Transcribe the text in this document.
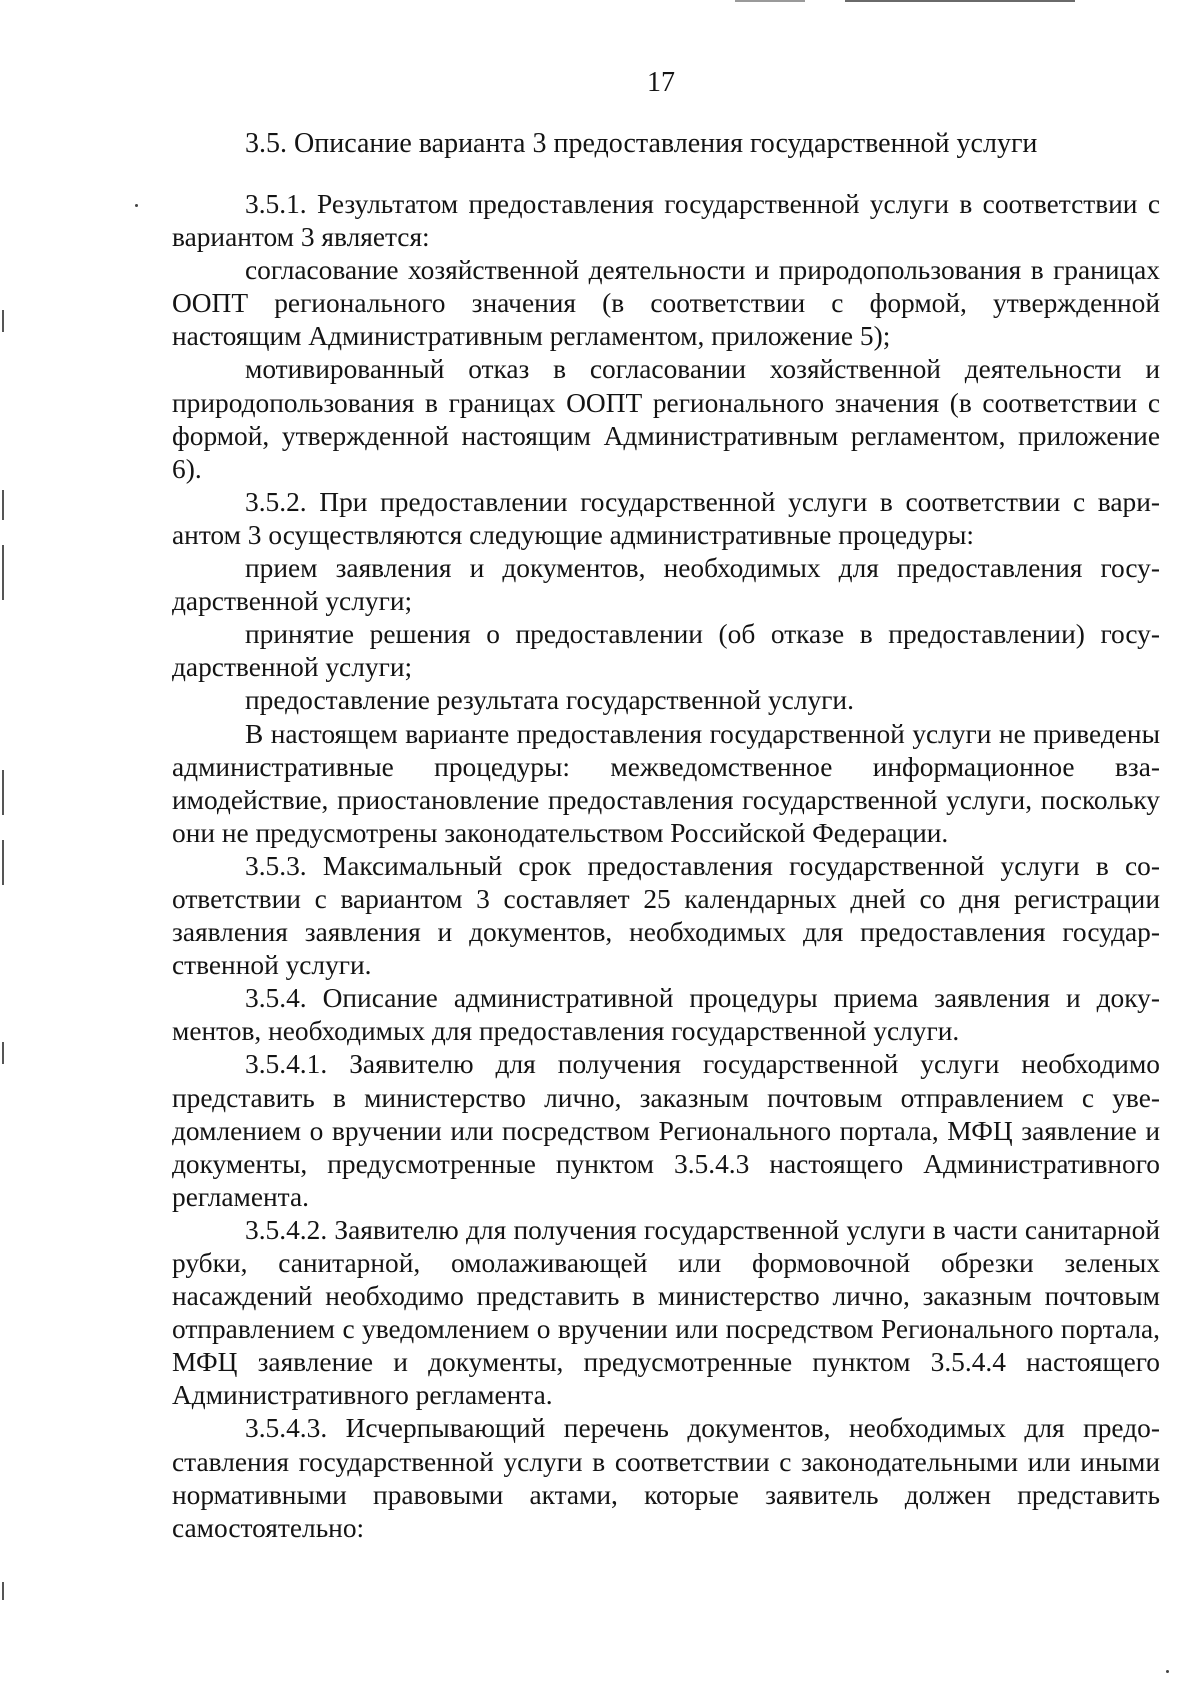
17
3.5. Описание варианта 3 предоставления государственной услуги

3.5.1. Результатом предоставления государственной услуги в соответствии с вариантом 3 является:

согласование хозяйственной деятельности и природопользования в границах ООПТ регионального значения (в соответствии с формой, утвержденной настоящим Административным регламентом, приложение 5);

мотивированный отказ в согласовании хозяйственной деятельности и природопользования в границах ООПТ регионального значения (в соответствии с формой, утвержденной настоящим Административным регламентом, приложение 6).

3.5.2. При предоставлении государственной услуги в соответствии с вариантом 3 осуществляются следующие административные процедуры:

прием заявления и документов, необходимых для предоставления государственной услуги;

принятие решения о предоставлении (об отказе в предоставлении) государственной услуги;

предоставление результата государственной услуги.

В настоящем варианте предоставления государственной услуги не приведены административные процедуры: межведомственное информационное взаимодействие, приостановление предоставления государственной услуги, поскольку они не предусмотрены законодательством Российской Федерации.

3.5.3. Максимальный срок предоставления государственной услуги в соответствии с вариантом 3 составляет 25 календарных дней со дня регистрации заявления заявления и документов, необходимых для предоставления государственной услуги.

3.5.4. Описание административной процедуры приема заявления и документов, необходимых для предоставления государственной услуги.

3.5.4.1. Заявителю для получения государственной услуги необходимо представить в министерство лично, заказным почтовым отправлением с уведомлением о вручении или посредством Регионального портала, МФЦ заявление и документы, предусмотренные пунктом 3.5.4.3 настоящего Административного регламента.

3.5.4.2. Заявителю для получения государственной услуги в части санитарной рубки, санитарной, омолаживающей или формовочной обрезки зеленых насаждений необходимо представить в министерство лично, заказным почтовым отправлением с уведомлением о вручении или посредством Регионального портала, МФЦ заявление и документы, предусмотренные пунктом 3.5.4.4 настоящего Административного регламента.

3.5.4.3. Исчерпывающий перечень документов, необходимых для предоставления государственной услуги в соответствии с законодательными или иными нормативными правовыми актами, которые заявитель должен представить самостоятельно:
